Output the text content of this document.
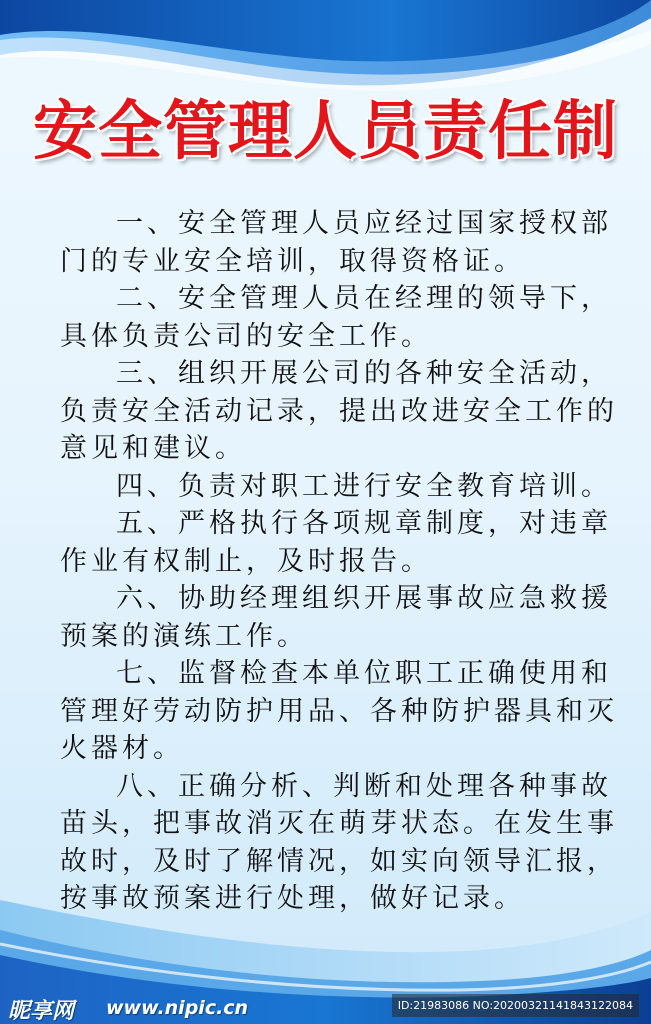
安全管理人员责任制

一、安全管理人员应经过国家授权部门的专业安全培训，取得资格证。

二、安全管理人员在经理的领导下，具体负责公司的安全工作。

三、组织开展公司的各种安全活动，负责安全活动记录，提出改进安全工作的意见和建议。

四、负责对职工进行安全教育培训。

五、严格执行各项规章制度，对违章作业有权制止，及时报告。

六、协助经理组织开展事故应急救援预案的演练工作。

七、监督检查本单位职工正确使用和管理好劳动防护用品、各种防护器具和灭火器材。

八、正确分析、判断和处理各种事故苗头，把事故消灭在萌芽状态。在发生事故时，及时了解情况，如实向领导汇报，按事故预案进行处理，做好记录。

昵享网 www.nipic.cn	ID:21983086 NO:20200321141843122084
